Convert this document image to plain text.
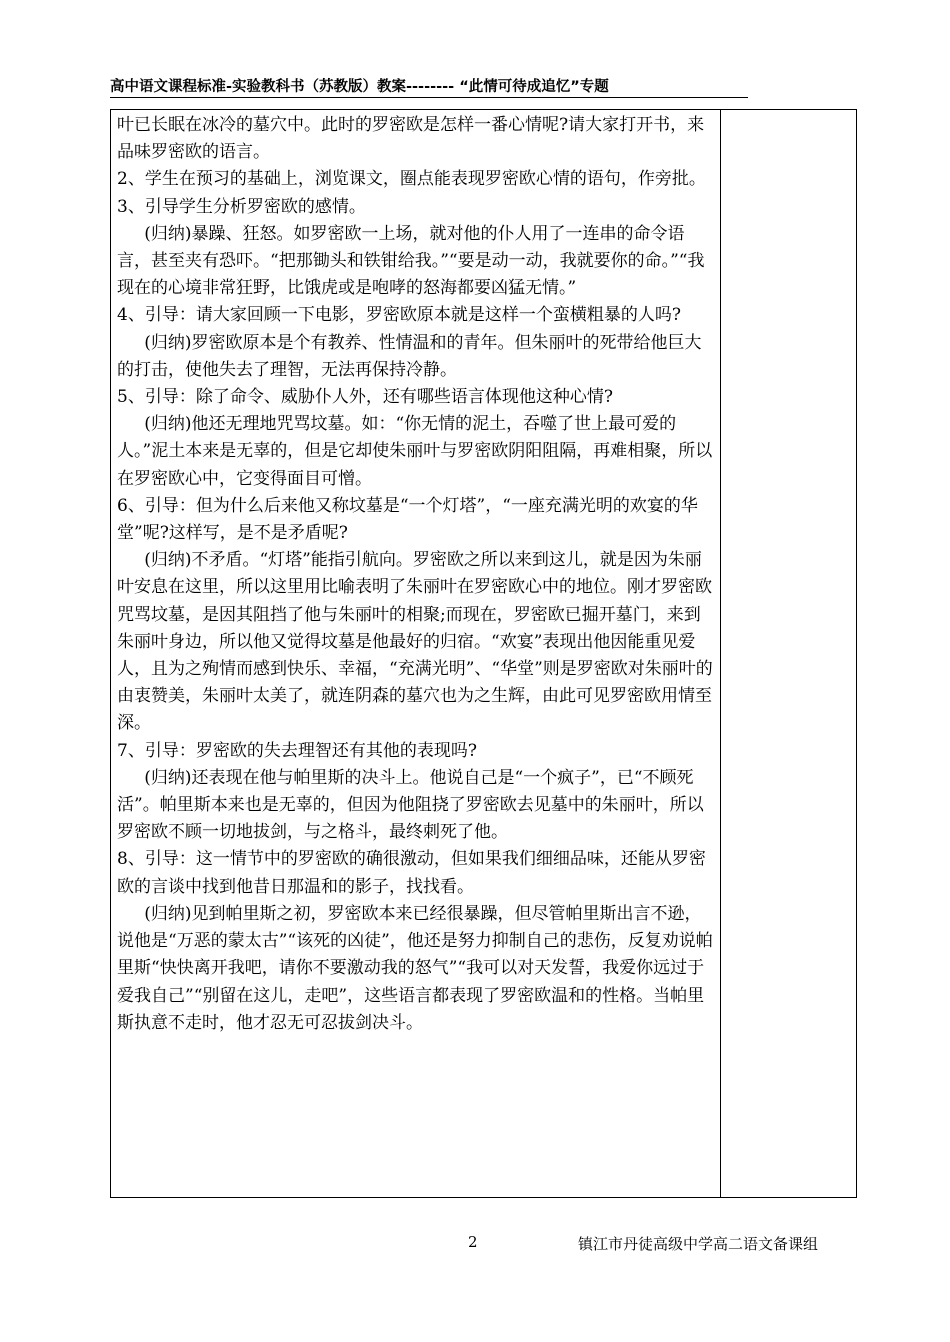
高中语文课程标准-实验教科书（苏教版）教案-------- “此情可待成追忆”专题

叶已长眠在冰冷的墓穴中。此时的罗密欧是怎样一番心情呢?请大家打开书，来品味罗密欧的语言。

2、学生在预习的基础上，浏览课文，圈点能表现罗密欧心情的语句，作旁批。

3、引导学生分析罗密欧的感情。

(归纳)暴躁、狂怒。如罗密欧一上场，就对他的仆人用了一连串的命令语言，甚至夹有恐吓。“把那锄头和铁钳给我。”“要是动一动，我就要你的命。”“我现在的心境非常狂野，比饿虎或是咆哮的怒海都要凶猛无情。”

4、引导：请大家回顾一下电影，罗密欧原本就是这样一个蛮横粗暴的人吗?

(归纳)罗密欧原本是个有教养、性情温和的青年。但朱丽叶的死带给他巨大的打击，使他失去了理智，无法再保持冷静。

5、引导：除了命令、威胁仆人外，还有哪些语言体现他这种心情?

(归纳)他还无理地咒骂坟墓。如：“你无情的泥土，吞噬了世上最可爱的人。”泥土本来是无辜的，但是它却使朱丽叶与罗密欧阴阳阻隔，再难相聚，所以在罗密欧心中，它变得面目可憎。

6、引导：但为什么后来他又称坟墓是“一个灯塔”，“一座充满光明的欢宴的华堂”呢?这样写，是不是矛盾呢?

(归纳)不矛盾。“灯塔”能指引航向。罗密欧之所以来到这儿，就是因为朱丽叶安息在这里，所以这里用比喻表明了朱丽叶在罗密欧心中的地位。刚才罗密欧咒骂坟墓，是因其阻挡了他与朱丽叶的相聚;而现在，罗密欧已掘开墓门，来到朱丽叶身边，所以他又觉得坟墓是他最好的归宿。“欢宴”表现出他因能重见爱人，且为之殉情而感到快乐、幸福，“充满光明”、“华堂”则是罗密欧对朱丽叶的由衷赞美，朱丽叶太美了，就连阴森的墓穴也为之生辉，由此可见罗密欧用情至深。

7、引导：罗密欧的失去理智还有其他的表现吗?

(归纳)还表现在他与帕里斯的决斗上。他说自己是“一个疯子”，已“不顾死活”。帕里斯本来也是无辜的，但因为他阻挠了罗密欧去见墓中的朱丽叶，所以罗密欧不顾一切地拔剑，与之格斗，最终刺死了他。

8、引导：这一情节中的罗密欧的确很激动，但如果我们细细品味，还能从罗密欧的言谈中找到他昔日那温和的影子，找找看。

(归纳)见到帕里斯之初，罗密欧本来已经很暴躁，但尽管帕里斯出言不逊，说他是“万恶的蒙太古”“该死的凶徒”，他还是努力抑制自己的悲伤，反复劝说帕里斯“快快离开我吧，请你不要激动我的怒气”“我可以对天发誓，我爱你远过于爱我自己”“别留在这儿，走吧”，这些语言都表现了罗密欧温和的性格。当帕里斯执意不走时，他才忍无可忍拔剑决斗。

2	镇江市丹徒高级中学高二语文备课组
